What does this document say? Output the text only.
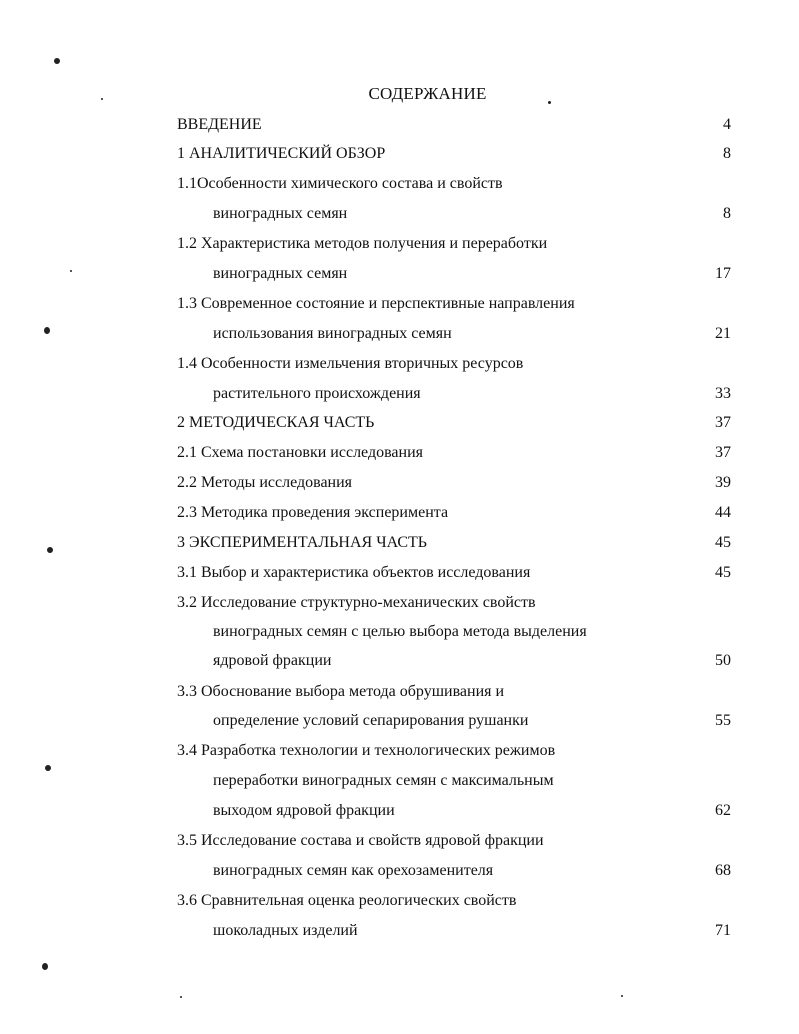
СОДЕРЖАНИЕ
ВВЕДЕНИЕ	4
1 АНАЛИТИЧЕСКИЙ ОБЗОР	8
1.1Особенности химического состава и свойств
виноградных семян	8
1.2 Характеристика методов получения и переработки
виноградных семян	17
1.3 Современное состояние и перспективные направления
использования виноградных семян	21
1.4 Особенности измельчения вторичных ресурсов
растительного происхождения	33
2 МЕТОДИЧЕСКАЯ ЧАСТЬ	37
2.1 Схема постановки исследования	37
2.2 Методы исследования	39
2.3 Методика проведения эксперимента	44
3 ЭКСПЕРИМЕНТАЛЬНАЯ ЧАСТЬ	45
3.1 Выбор и характеристика объектов исследования	45
3.2 Исследование структурно-механических свойств
виноградных семян с целью выбора метода выделения
ядровой фракции	50
3.3 Обоснование выбора метода обрушивания и
определение условий сепарирования рушанки	55
3.4 Разработка технологии и технологических режимов
переработки виноградных семян с максимальным
выходом ядровой фракции	62
3.5 Исследование состава и свойств ядровой фракции
виноградных семян как орехозаменителя	68
3.6 Сравнительная оценка реологических свойств
шоколадных изделий	71
